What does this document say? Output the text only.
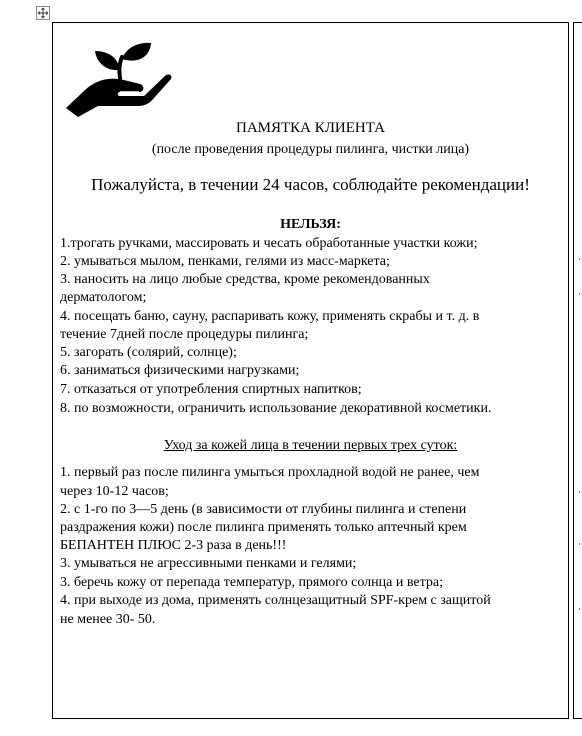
ПАМЯТКА КЛИЕНТА
(после проведения процедуры пилинга, чистки лица)
Пожалуйста, в течении 24 часов, соблюдайте рекомендации!
НЕЛЬЗЯ:
1.трогать ручками, массировать и чесать обработанные участки кожи;
2. умываться мылом, пенками, гелями из масс-маркета;
3. наносить на лицо любые средства, кроме рекомендованных
дерматологом;
4. посещать баню, сауну, распаривать кожу, применять скрабы и т. д. в
течение 7дней после процедуры пилинга;
5. загорать (солярий, солнце);
6. заниматься физическими нагрузками;
7. отказаться от употребления спиртных напитков;
8. по возможности, ограничить использование декоративной косметики.
Уход за кожей лица в течении первых трех суток:
1. первый раз после пилинга умыться прохладной водой не ранее, чем
через 10-12 часов;
2. с 1-го по 3—5 день (в зависимости от глубины пилинга и степени
раздражения кожи) после пилинга применять только аптечный крем
БЕПАНТЕН ПЛЮС 2-3 раза в день!!!
3. умываться не агрессивными пенками и гелями;
3. беречь кожу от перепада температур, прямого солнца и ветра;
4. при выходе из дома, применять солнцезащитный SPF-крем с защитой
не менее 30- 50.
